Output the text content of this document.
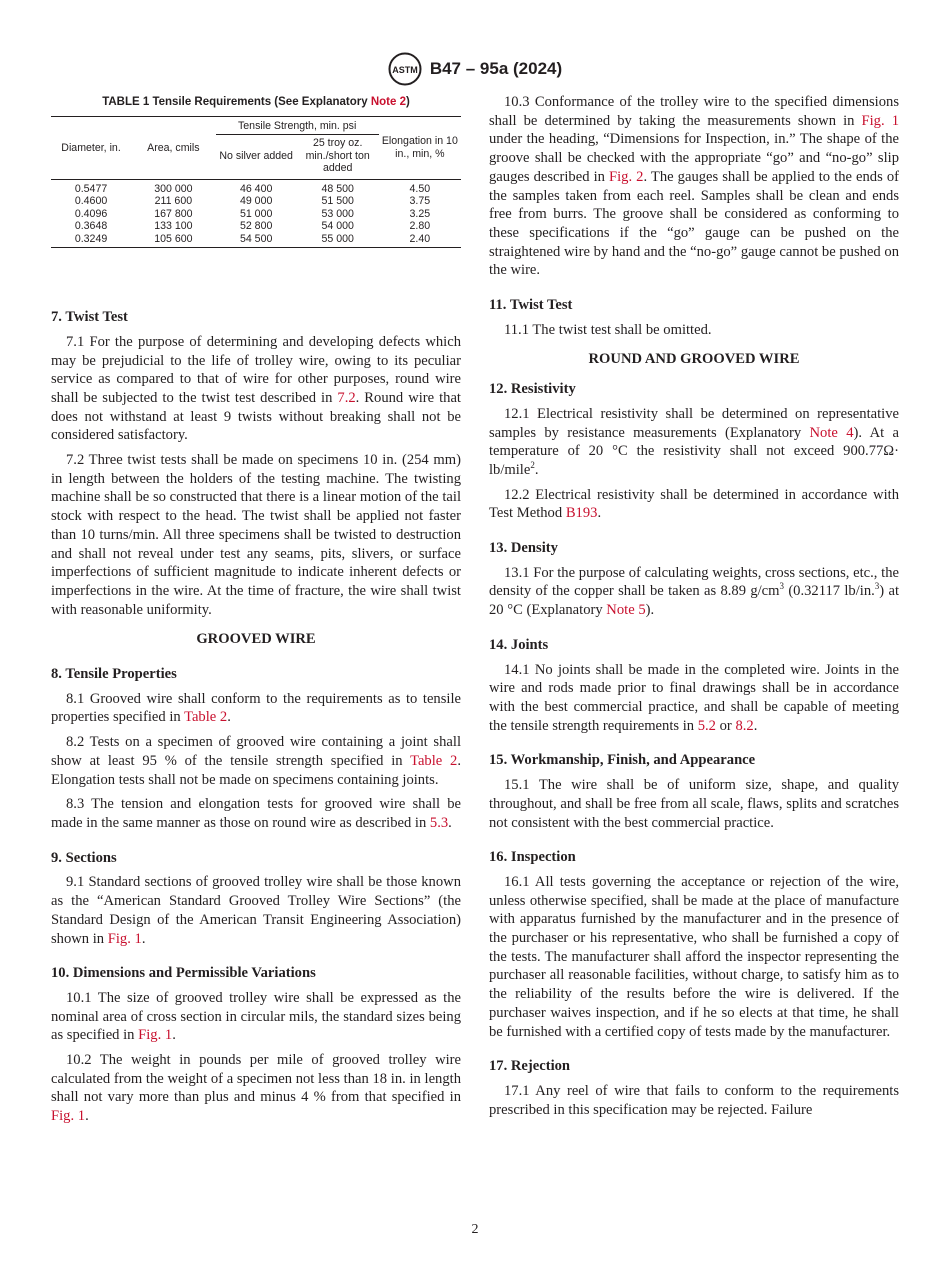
ASTM B47 – 95a (2024)
TABLE 1 Tensile Requirements (See Explanatory Note 2)
Diameter, in.	Area, cmils	Tensile Strength, min. psi		Elongation in 10 in., min, %
		No silver added	25 troy oz. min./short ton added	
0.5477	300 000	46 400	48 500	4.50
0.4600	211 600	49 000	51 500	3.75
0.4096	167 800	51 000	53 000	3.25
0.3648	133 100	52 800	54 000	2.80
0.3249	105 600	54 500	55 000	2.40

7. Twist Test

7.1 For the purpose of determining and developing defects which may be prejudicial to the life of trolley wire, owing to its peculiar service as compared to that of wire for other purposes, round wire shall be subjected to the twist test described in 7.2. Round wire that does not withstand at least 9 twists without breaking shall not be considered satisfactory.

7.2 Three twist tests shall be made on specimens 10 in. (254 mm) in length between the holders of the testing machine. The twisting machine shall be so constructed that there is a linear motion of the tail stock with respect to the head. The twist shall be applied not faster than 10 turns/min. All three specimens shall be twisted to destruction and shall not reveal under test any seams, pits, slivers, or surface imperfections of sufficient magnitude to indicate inherent defects or imperfections in the wire. At the time of fracture, the wire shall twist with reasonable uniformity.

GROOVED WIRE

8. Tensile Properties

8.1 Grooved wire shall conform to the requirements as to tensile properties specified in Table 2.

8.2 Tests on a specimen of grooved wire containing a joint shall show at least 95 % of the tensile strength specified in Table 2. Elongation tests shall not be made on specimens containing joints.

8.3 The tension and elongation tests for grooved wire shall be made in the same manner as those on round wire as described in 5.3.

9. Sections

9.1 Standard sections of grooved trolley wire shall be those known as the “American Standard Grooved Trolley Wire Sections” (the Standard Design of the American Transit Engineering Association) shown in Fig. 1.

10. Dimensions and Permissible Variations

10.1 The size of grooved trolley wire shall be expressed as the nominal area of cross section in circular mils, the standard sizes being as specified in Fig. 1.

10.2 The weight in pounds per mile of grooved trolley wire calculated from the weight of a specimen not less than 18 in. in length shall not vary more than plus and minus 4 % from that specified in Fig. 1.

10.3 Conformance of the trolley wire to the specified dimensions shall be determined by taking the measurements shown in Fig. 1 under the heading, “Dimensions for Inspection, in.” The shape of the groove shall be checked with the appropriate “go” and “no-go” slip gauges described in Fig. 2. The gauges shall be applied to the ends of the samples taken from each reel. Samples shall be clean and ends free from burrs. The groove shall be considered as conforming to these specifications if the “go” gauge can be pushed on the straightened wire by hand and the “no-go” gauge cannot be pushed on the wire.

11. Twist Test

11.1 The twist test shall be omitted.

ROUND AND GROOVED WIRE

12. Resistivity

12.1 Electrical resistivity shall be determined on representative samples by resistance measurements (Explanatory Note 4). At a temperature of 20 °C the resistivity shall not exceed 900.77Ω· lb/mile$^2$.

12.2 Electrical resistivity shall be determined in accordance with Test Method B193.

13. Density

13.1 For the purpose of calculating weights, cross sections, etc., the density of the copper shall be taken as 8.89 $g/cm^3$ (0.32117 lb/in.$^3$) at 20 °C (Explanatory Note 5).

14. Joints

14.1 No joints shall be made in the completed wire. Joints in the wire and rods made prior to final drawings shall be in accordance with the best commercial practice, and shall be capable of meeting the tensile strength requirements in 5.2 or 8.2.

15. Workmanship, Finish, and Appearance

15.1 The wire shall be of uniform size, shape, and quality throughout, and shall be free from all scale, flaws, splits and scratches not consistent with the best commercial practice.

16. Inspection

16.1 All tests governing the acceptance or rejection of the wire, unless otherwise specified, shall be made at the place of manufacture with apparatus furnished by the manufacturer and in the presence of the purchaser or his representative, who shall be furnished a copy of the tests. The manufacturer shall afford the inspector representing the purchaser all reasonable facilities, without charge, to satisfy him as to the reliability of the results before the wire is delivered. If the purchaser waives inspection, and if he so elects at that time, he shall be furnished with a certified copy of tests made by the manufacturer.

17. Rejection

17.1 Any reel of wire that fails to conform to the requirements prescribed in this specification may be rejected. Failure

2
